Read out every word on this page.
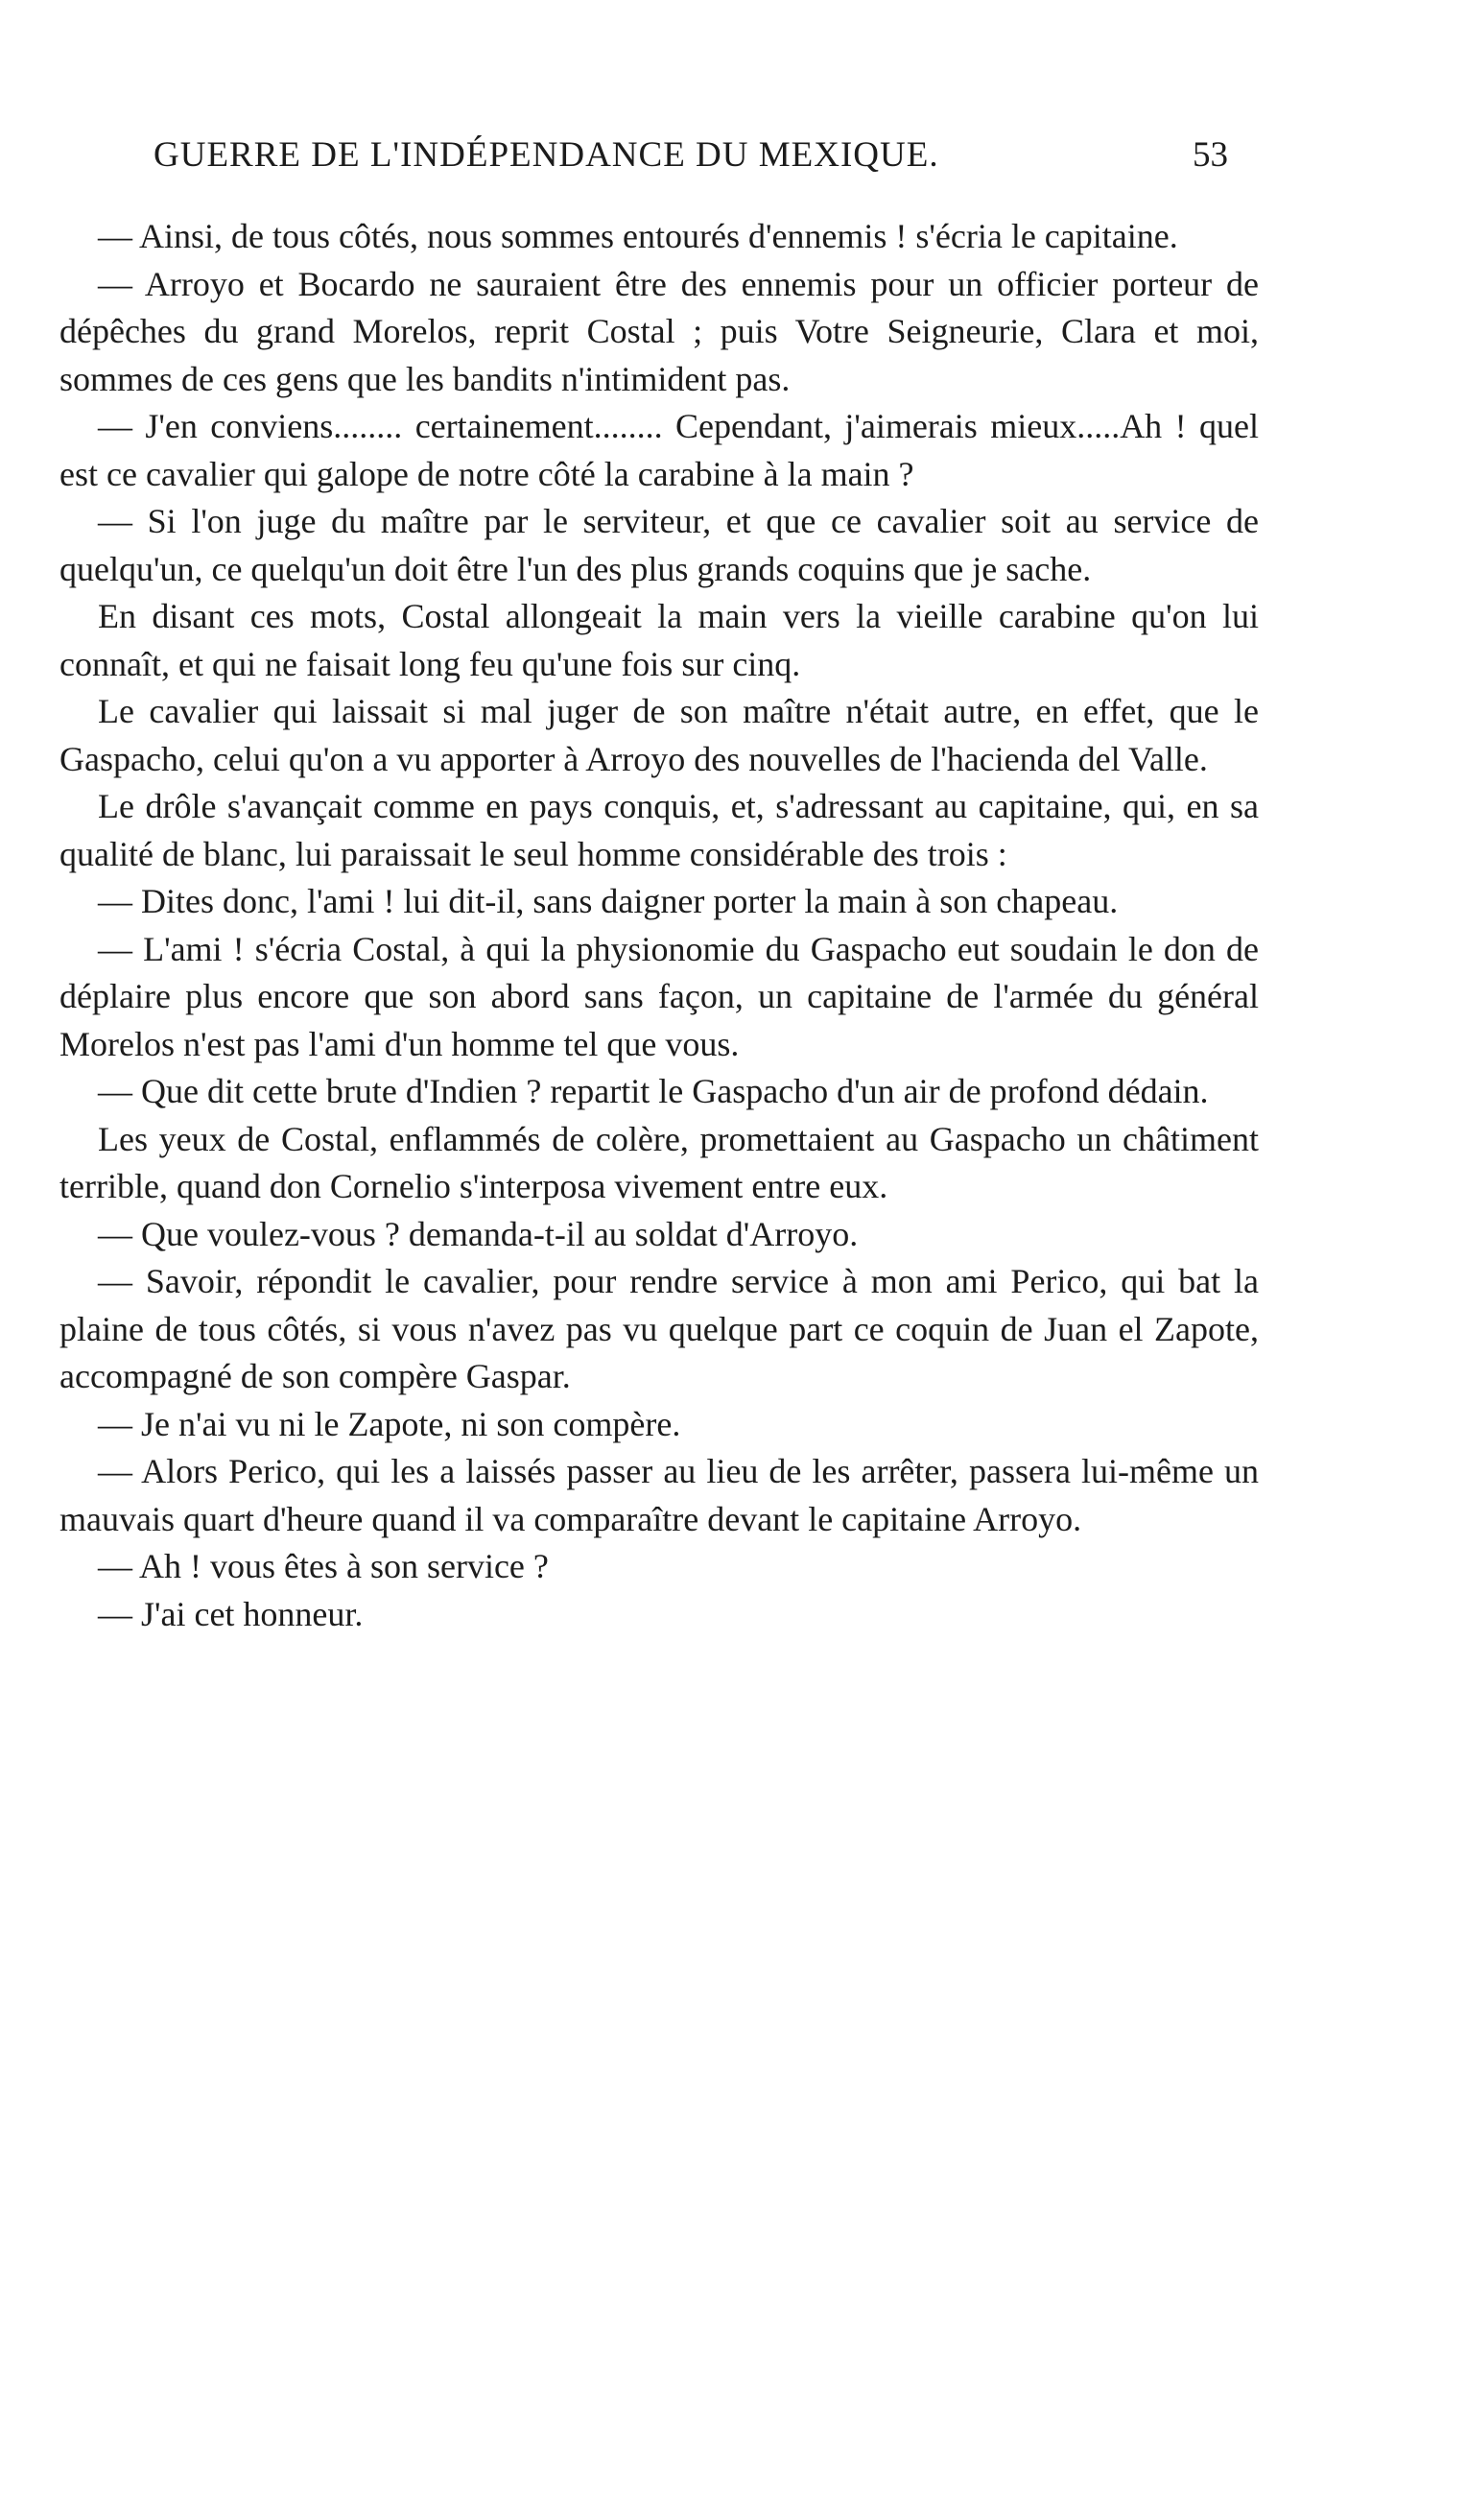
GUERRE DE L'INDÉPENDANCE DU MEXIQUE.	53

— Ainsi, de tous côtés, nous sommes entourés d'ennemis ! s'écria le capitaine.

— Arroyo et Bocardo ne sauraient être des ennemis pour un officier porteur de dépêches du grand Morelos, reprit Costal ; puis Votre Seigneurie, Clara et moi, sommes de ces gens que les bandits n'intimident pas.

— J'en conviens........ certainement........ Cependant, j'aimerais mieux.....Ah ! quel est ce cavalier qui galope de notre côté la carabine à la main ?

— Si l'on juge du maître par le serviteur, et que ce cavalier soit au service de quelqu'un, ce quelqu'un doit être l'un des plus grands coquins que je sache.

En disant ces mots, Costal allongeait la main vers la vieille carabine qu'on lui connaît, et qui ne faisait long feu qu'une fois sur cinq.

Le cavalier qui laissait si mal juger de son maître n'était autre, en effet, que le Gaspacho, celui qu'on a vu apporter à Arroyo des nouvelles de l'hacienda del Valle.

Le drôle s'avançait comme en pays conquis, et, s'adressant au capitaine, qui, en sa qualité de blanc, lui paraissait le seul homme considérable des trois :

— Dites donc, l'ami ! lui dit-il, sans daigner porter la main à son chapeau.

— L'ami ! s'écria Costal, à qui la physionomie du Gaspacho eut soudain le don de déplaire plus encore que son abord sans façon, un capitaine de l'armée du général Morelos n'est pas l'ami d'un homme tel que vous.

— Que dit cette brute d'Indien ? repartit le Gaspacho d'un air de profond dédain.

Les yeux de Costal, enflammés de colère, promettaient au Gaspacho un châtiment terrible, quand don Cornelio s'interposa vivement entre eux.

— Que voulez-vous ? demanda-t-il au soldat d'Arroyo.

— Savoir, répondit le cavalier, pour rendre service à mon ami Perico, qui bat la plaine de tous côtés, si vous n'avez pas vu quelque part ce coquin de Juan el Zapote, accompagné de son compère Gaspar.

— Je n'ai vu ni le Zapote, ni son compère.

— Alors Perico, qui les a laissés passer au lieu de les arrêter, passera lui-même un mauvais quart d'heure quand il va comparaître devant le capitaine Arroyo.

— Ah ! vous êtes à son service ?

— J'ai cet honneur.
